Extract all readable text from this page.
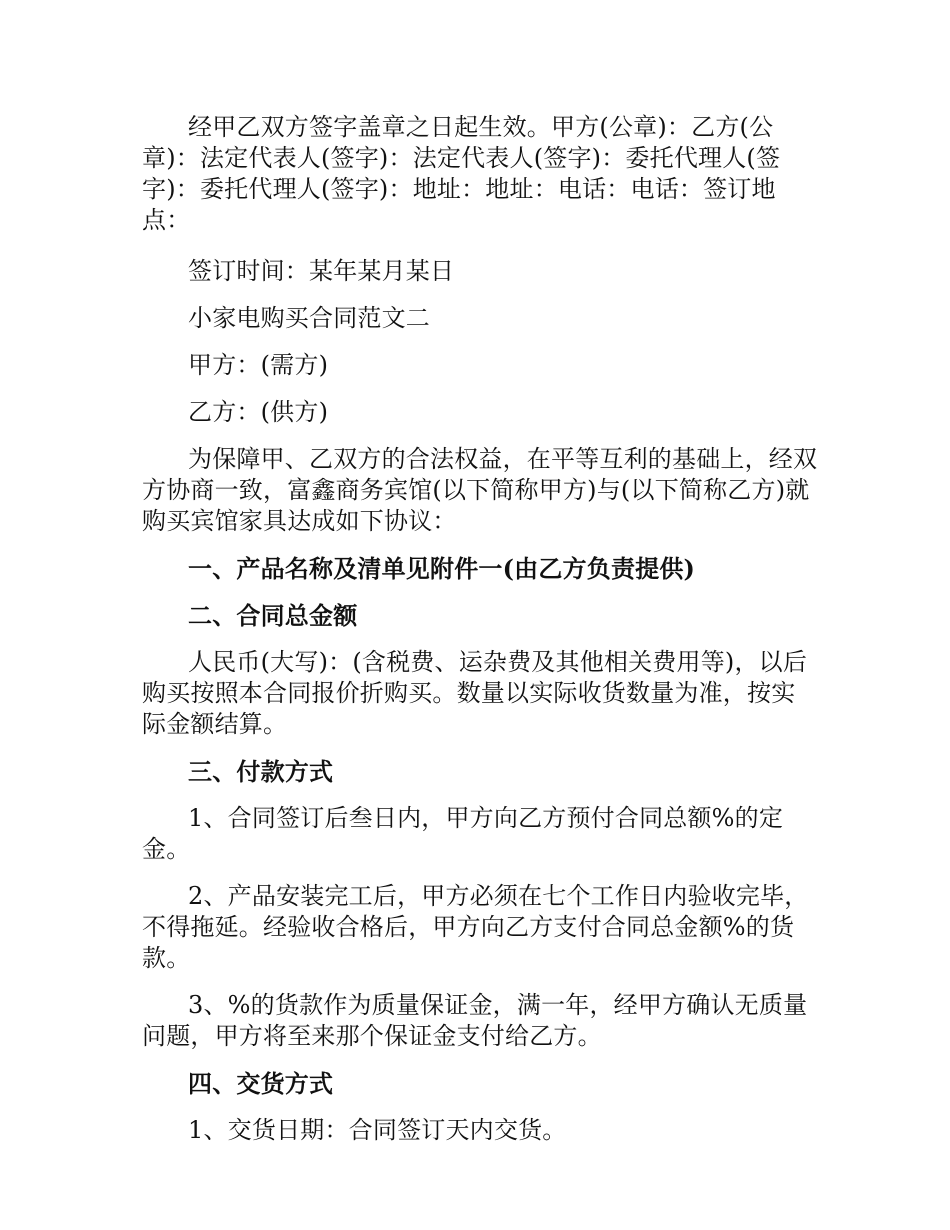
经甲乙双方签字盖章之日起生效。甲方(公章)：乙方(公章)：法定代表人(签字)：法定代表人(签字)：委托代理人(签字)：委托代理人(签字)：地址：地址：电话：电话：签订地点：

签订时间：某年某月某日

小家电购买合同范文二

甲方：(需方)

乙方：(供方)

为保障甲、乙双方的合法权益，在平等互利的基础上，经双方协商一致，富鑫商务宾馆(以下简称甲方)与(以下简称乙方)就购买宾馆家具达成如下协议：

一、产品名称及清单见附件一(由乙方负责提供)

二、合同总金额

人民币(大写)：(含税费、运杂费及其他相关费用等)，以后购买按照本合同报价折购买。数量以实际收货数量为准，按实际金额结算。

三、付款方式

1、合同签订后叁日内，甲方向乙方预付合同总额%的定金。

2、产品安装完工后，甲方必须在七个工作日内验收完毕，不得拖延。经验收合格后，甲方向乙方支付合同总金额%的货款。

3、%的货款作为质量保证金，满一年，经甲方确认无质量问题，甲方将至来那个保证金支付给乙方。

四、交货方式

1、交货日期：合同签订天内交货。
